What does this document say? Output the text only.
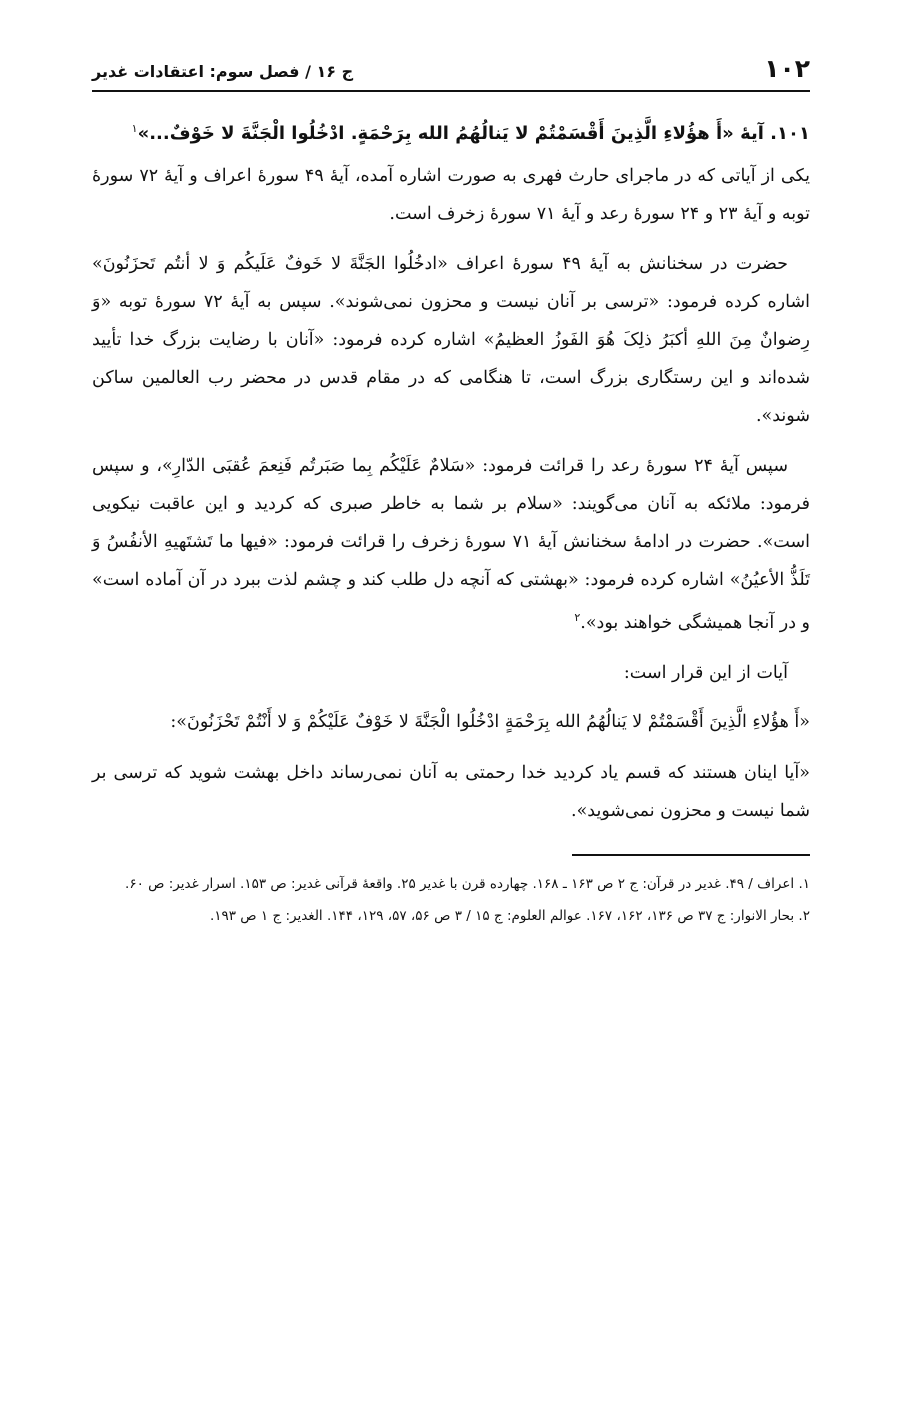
۱۰۲
ج ۱۶ / فصل سوم: اعتقادات غدیر
۱۰۱. آیۀ «أَ هؤُلاءِ الَّذِینَ أَقْسَمْتُمْ لا یَنالُهُمُ الله بِرَحْمَةٍ. ادْخُلُوا الْجَنَّةَ لا خَوْفٌ...»$^۱$

یکی از آیاتی که در ماجرای حارث فهری به صورت اشاره آمده، آیۀ ۴۹ سورۀ اعراف و آیۀ ۷۲ سورۀ توبه و آیۀ ۲۳ و ۲۴ سورۀ رعد و آیۀ ۷۱ سورۀ زخرف است.

حضرت در سخنانش به آیۀ ۴۹ سورۀ اعراف «ادخُلُوا الجَنَّةَ لا خَوفٌ عَلَیکُم وَ لا أنتُم تَحزَنُونَ» اشاره کرده فرمود: «ترسی بر آنان نیست و محزون نمی‌شوند». سپس به آیۀ ۷۲ سورۀ توبه «وَ رِضوانٌ مِنَ اللهِ أکبَرُ ذلِکَ هُوَ الفَوزُ العظیمُ» اشاره کرده فرمود: «آنان با رضایت بزرگ خدا تأیید شده‌اند و این رستگاری بزرگ است، تا هنگامی که در مقام قدس در محضر رب العالمین ساکن شوند».

سپس آیۀ ۲۴ سورۀ رعد را قرائت فرمود: «سَلامٌ عَلَیْکُم بِما صَبَرتُم فَنِعمَ عُقبَی الدّارِ»، و سپس فرمود: ملائکه به آنان می‌گویند: «سلام بر شما به خاطر صبری که کردید و این عاقبت نیکویی است». حضرت در ادامۀ سخنانش آیۀ ۷۱ سورۀ زخرف را قرائت فرمود: «فیها ما تَشتَهیهِ الأنفُسُ وَ تَلَذُّ الأعیُنُ» اشاره کرده فرمود: «بهشتی که آنچه دل طلب کند و چشم لذت ببرد در آن آماده است» و در آنجا همیشگی خواهند بود».$^۲$

آیات از این قرار است:

«أَ هؤُلاءِ الَّذِینَ أَقْسَمْتُمْ لا یَنالُهُمُ الله بِرَحْمَةٍ ادْخُلُوا الْجَنَّةَ لا خَوْفٌ عَلَیْکُمْ وَ لا أَنْتُمْ تَحْزَنُونَ»:

«آیا اینان هستند که قسم یاد کردید خدا رحمتی به آنان نمی‌رساند داخل بهشت شوید که ترسی بر شما نیست و محزون نمی‌شوید».

۱. اعراف / ۴۹. غدیر در قرآن: ج ۲ ص ۱۶۳ ـ ۱۶۸. چهارده قرن با غدیر ۲۵. واقعۀ قرآنی غدیر: ص ۱۵۳. اسرار غدیر: ص ۶۰.

۲. بحار الانوار: ج ۳۷ ص ۱۳۶، ۱۶۲، ۱۶۷. عوالم العلوم: ج ۱۵ / ۳ ص ۵۶، ۵۷، ۱۲۹، ۱۴۴. الغدیر: ج ۱ ص ۱۹۳.
